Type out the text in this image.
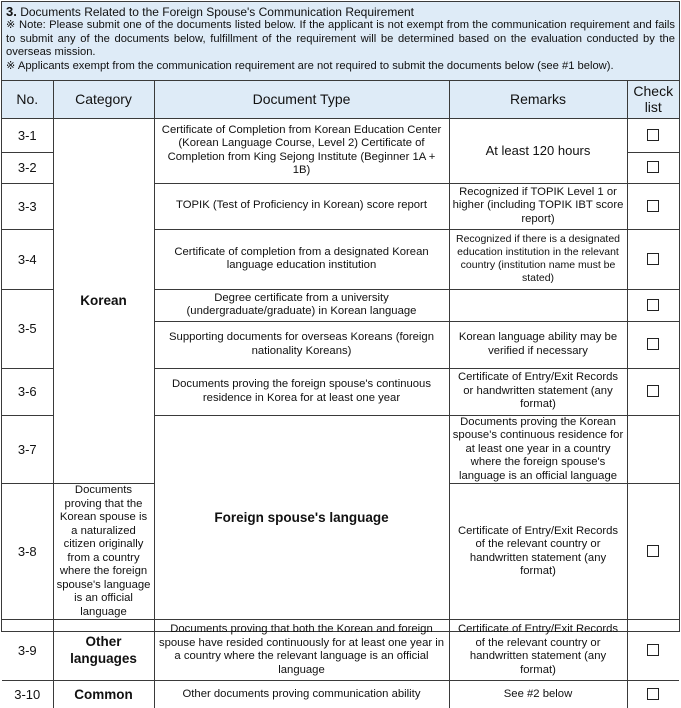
3. Documents Related to the Foreign Spouse's Communication Requirement
※ Note: Please submit one of the documents listed below. If the applicant is not exempt from the communication requirement and fails to submit any of the documents below, fulfillment of the requirement will be determined based on the evaluation conducted by the overseas mission.
※ Applicants exempt from the communication requirement are not required to submit the documents below (see #1 below).
No.	Category	Document Type	Remarks	Check list	
3-1	Korean	Certificate of Completion from Korean Education Center (Korean Language Course, Level 2) Certificate of Completion from King Sejong Institute (Beginner 1A + 1B)	At least 120 hours		
3-2					
3-3		TOPIK (Test of Proficiency in Korean) score report	Recognized if TOPIK Level 1 or higher (including TOPIK IBT score report)		
3-4		Certificate of completion from a designated Korean language education institution	Recognized if there is a designated education institution in the relevant country (institution name must be stated)		
3-5		Degree certificate from a university (undergraduate/graduate) in Korean language			
		Supporting documents for overseas Koreans (foreign nationality Koreans)	Korean language ability may be verified if necessary		
3-6		Documents proving the foreign spouse's continuous residence in Korea for at least one year	Certificate of Entry/Exit Records or handwritten statement (any format)		
3-7		Foreign spouse's language	Documents proving the Korean spouse's continuous residence for at least one year in a country where the foreign spouse's language is an official language		
3-8	Documents proving that the Korean spouse is a naturalized citizen originally from a country where the foreign spouse's language is an official language		Certificate of Entry/Exit Records of the relevant country or handwritten statement (any format)		
3-9	Other languages	Documents proving that both the Korean and foreign spouse have resided continuously for at least one year in a country where the relevant language is an official language	Certificate of Entry/Exit Records of the relevant country or handwritten statement (any format)		
3-10	Common	Other documents proving communication ability	See #2 below		
